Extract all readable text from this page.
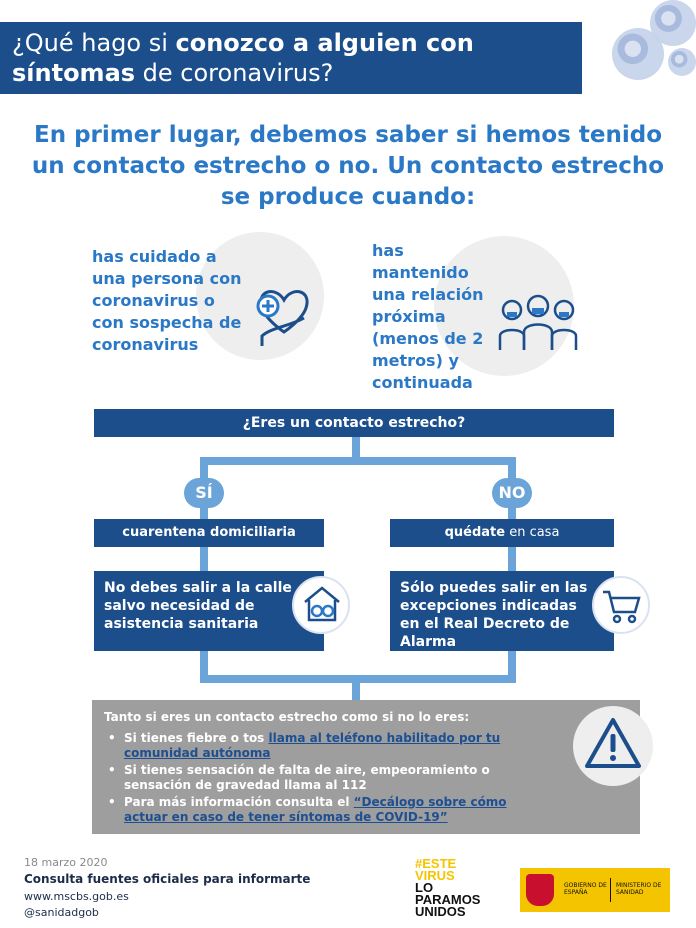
¿Qué hago si conozco a alguien con
síntomas de coronavirus?
En primer lugar, debemos saber si hemos tenido un contacto estrecho o no. Un contacto estrecho se produce cuando:
has cuidado a
una persona con
coronavirus o
con sospecha de
coronavirus
has
mantenido
una relación
próxima
(menos de 2
metros) y
continuada
¿Eres un contacto estrecho?
SÍ	NO
cuarentena domiciliaria	quédate en casa
No debes salir a la calle
salvo necesidad de
asistencia sanitaria
Sólo puedes salir en las
excepciones indicadas
en el Real Decreto de
Alarma
Tanto si eres un contacto estrecho como si no lo eres:
• Si tienes fiebre o tos llama al teléfono habilitado por tu comunidad autónoma
• Si tienes sensación de falta de aire, empeoramiento o sensación de gravedad llama al 112
• Para más información consulta el “Decálogo sobre cómo actuar en caso de tener síntomas de COVID-19”
18 marzo 2020
Consulta fuentes oficiales para informarte
www.mscbs.gob.es
@sanidadgob
#ESTE
VIRUS
LO
PARAMOS
UNIDOS
GOBIERNO DE ESPAÑA
MINISTERIO DE SANIDAD
